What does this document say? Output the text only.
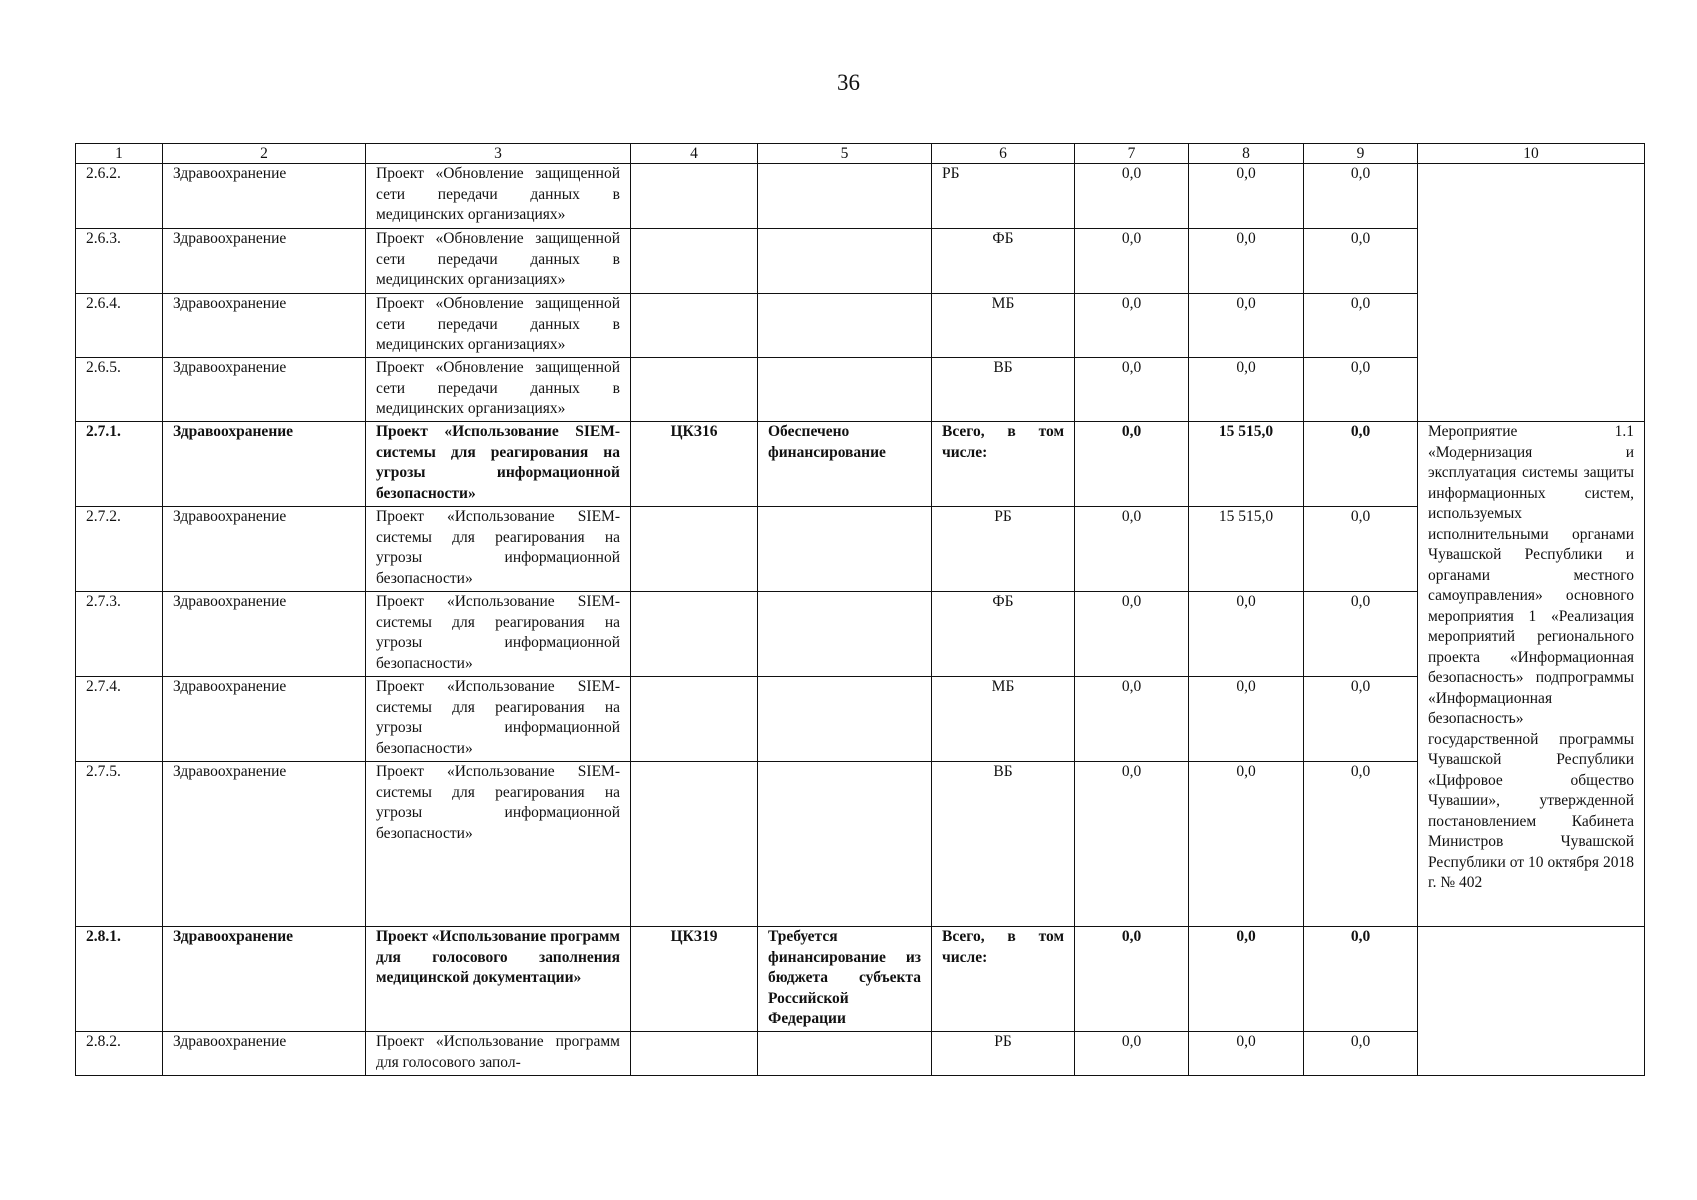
36
1	2	3	4	5	6	7	8	9	10
2.6.2.	Здравоохранение	Проект «Обновление защищенной сети передачи данных в медицинских организациях»			РБ	0,0	0,0	0,0	
2.6.3.	Здравоохранение	Проект «Обновление защищенной сети передачи данных в медицинских организациях»			ФБ	0,0	0,0	0,0	
2.6.4.	Здравоохранение	Проект «Обновление защищенной сети передачи данных в медицинских организациях»			МБ	0,0	0,0	0,0	
2.6.5.	Здравоохранение	Проект «Обновление защищенной сети передачи данных в медицинских организациях»			ВБ	0,0	0,0	0,0	
2.7.1.	Здравоохранение	Проект «Использование SIEM-системы для реагирования на угрозы информационной безопасности»	ЦКЗ16	Обеспечено финансирование	Всего, в том числе:	0,0	15 515,0	0,0	Мероприятие 1.1 «Модернизация и эксплуатация системы защиты информационных систем, используемых исполнительными органами Чувашской Республики и органами местного самоуправления» основного мероприятия 1 «Реализация мероприятий регионального проекта «Информационная безопасность» подпрограммы «Информационная безопасность» государственной программы Чувашской Республики «Цифровое общество Чувашии», утвержденной постановлением Кабинета Министров Чувашской Республики от 10 октября 2018 г. № 402
2.7.2.	Здравоохранение	Проект «Использование SIEM-системы для реагирования на угрозы информационной безопасности»			РБ	0,0	15 515,0	0,0	
2.7.3.	Здравоохранение	Проект «Использование SIEM-системы для реагирования на угрозы информационной безопасности»			ФБ	0,0	0,0	0,0	
2.7.4.	Здравоохранение	Проект «Использование SIEM-системы для реагирования на угрозы информационной безопасности»			МБ	0,0	0,0	0,0	
2.7.5.	Здравоохранение	Проект «Использование SIEM-системы для реагирования на угрозы информационной безопасности»			ВБ	0,0	0,0	0,0	
2.8.1.	Здравоохранение	Проект «Использование программ для голосового заполнения медицинской документации»	ЦКЗ19	Требуется финансирование из бюджета субъекта Российской Федерации	Всего, в том числе:	0,0	0,0	0,0	
2.8.2.	Здравоохранение	Проект «Использование программ для голосового запол-			РБ	0,0	0,0	0,0	
